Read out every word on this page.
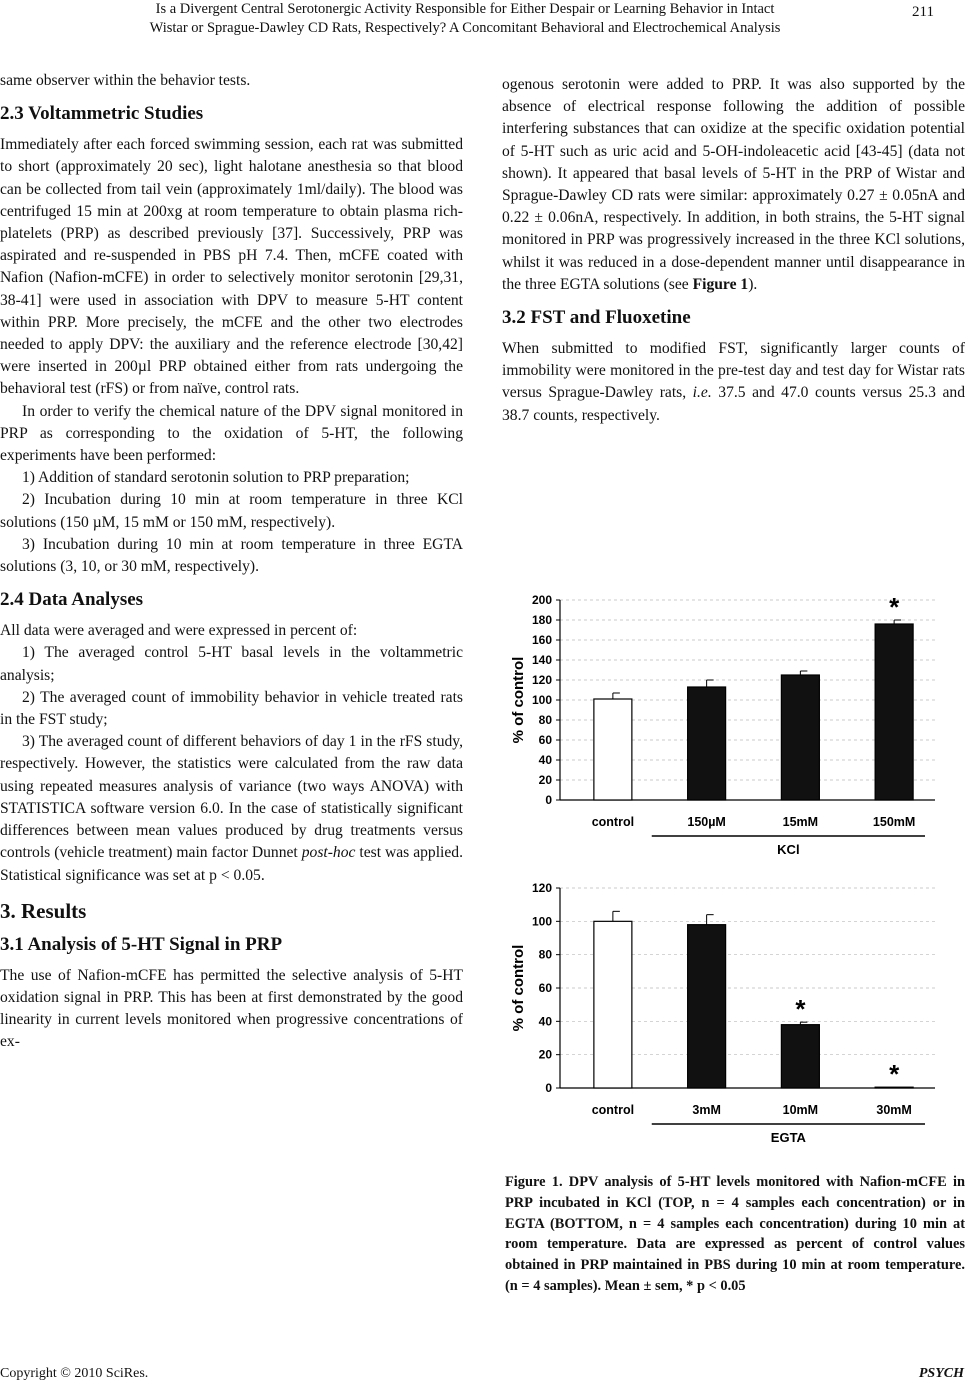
Is a Divergent Central Serotonergic Activity Responsible for Either Despair or Learning Behavior in Intact
Wistar or Sprague-Dawley CD Rats, Respectively? A Concomitant Behavioral and Electrochemical Analysis
211

same observer within the behavior tests.

2.3 Voltammetric Studies

Immediately after each forced swimming session, each rat was submitted to short (approximately 20 sec), light halotane anesthesia so that blood can be collected from tail vein (approximately 1ml/daily). The blood was centrifuged 15 min at 200xg at room temperature to obtain plasma rich-platelets (PRP) as described previously [37]. Successively, PRP was aspirated and re-suspended in PBS pH 7.4. Then, mCFE coated with Nafion (Nafion-mCFE) in order to selectively monitor serotonin [29,31, 38-41] were used in association with DPV to measure 5-HT content within PRP. More precisely, the mCFE and the other two electrodes needed to apply DPV: the auxiliary and the reference electrode [30,42] were inserted in 200µl PRP obtained either from rats undergoing the behavioral test (rFS) or from naïve, control rats.

In order to verify the chemical nature of the DPV signal monitored in PRP as corresponding to the oxidation of 5-HT, the following experiments have been performed:

1) Addition of standard serotonin solution to PRP preparation;

2) Incubation during 10 min at room temperature in three KCl solutions (150 µM, 15 mM or 150 mM, respectively).

3) Incubation during 10 min at room temperature in three EGTA solutions (3, 10, or 30 mM, respectively).

2.4 Data Analyses

All data were averaged and were expressed in percent of:

1) The averaged control 5-HT basal levels in the voltammetric analysis;

2) The averaged count of immobility behavior in vehicle treated rats in the FST study;

3) The averaged count of different behaviors of day 1 in the rFS study, respectively. However, the statistics were calculated from the raw data using repeated measures analysis of variance (two ways ANOVA) with STATISTICA software version 6.0. In the case of statistically significant differences between mean values produced by drug treatments versus controls (vehicle treatment) main factor Dunnet post-hoc test was applied. Statistical significance was set at p < 0.05.

3. Results
3.1 Analysis of 5-HT Signal in PRP

The use of Nafion-mCFE has permitted the selective analysis of 5-HT oxidation signal in PRP. This has been at first demonstrated by the good linearity in current levels monitored when progressive concentrations of ex-

ogenous serotonin were added to PRP. It was also supported by the absence of electrical response following the addition of possible interfering substances that can oxidize at the specific oxidation potential of 5-HT such as uric acid and 5-OH-indoleacetic acid [43-45] (data not shown). It appeared that basal levels of 5-HT in the PRP of Wistar and Sprague-Dawley CD rats were similar: approximately 0.27 ± 0.05nA and 0.22 ± 0.06nA, respectively. In addition, in both strains, the 5-HT signal monitored in PRP was progressively increased in the three KCl solutions, whilst it was reduced in a dose-dependent manner until disappearance in the three EGTA solutions (see Figure 1).

3.2 FST and Fluoxetine

When submitted to modified FST, significantly larger counts of immobility were monitored in the pre-test day and test day for Wistar rats versus Sprague-Dawley rats, i.e. 37.5 and 47.0 counts versus 25.3 and 38.7 counts, respectively.

0
20
40
60
80
100
120
140
160
180
200
% of control
control	150µM	15mM
*
150mM
KCl
0
20
40
60
80
100
120
% of control
control	3mM
*
10mM
*
30mM
EGTA
Figure 1. DPV analysis of 5-HT levels monitored with Nafion-mCFE in PRP incubated in KCl (TOP, n = 4 samples each concentration) or in EGTA (BOTTOM, n = 4 samples each concentration) during 10 min at room temperature. Data are expressed as percent of control values obtained in PRP maintained in PBS during 10 min at room temperature. (n = 4 samples). Mean ± sem, * p < 0.05
Copyright © 2010 SciRes.	PSYCH
